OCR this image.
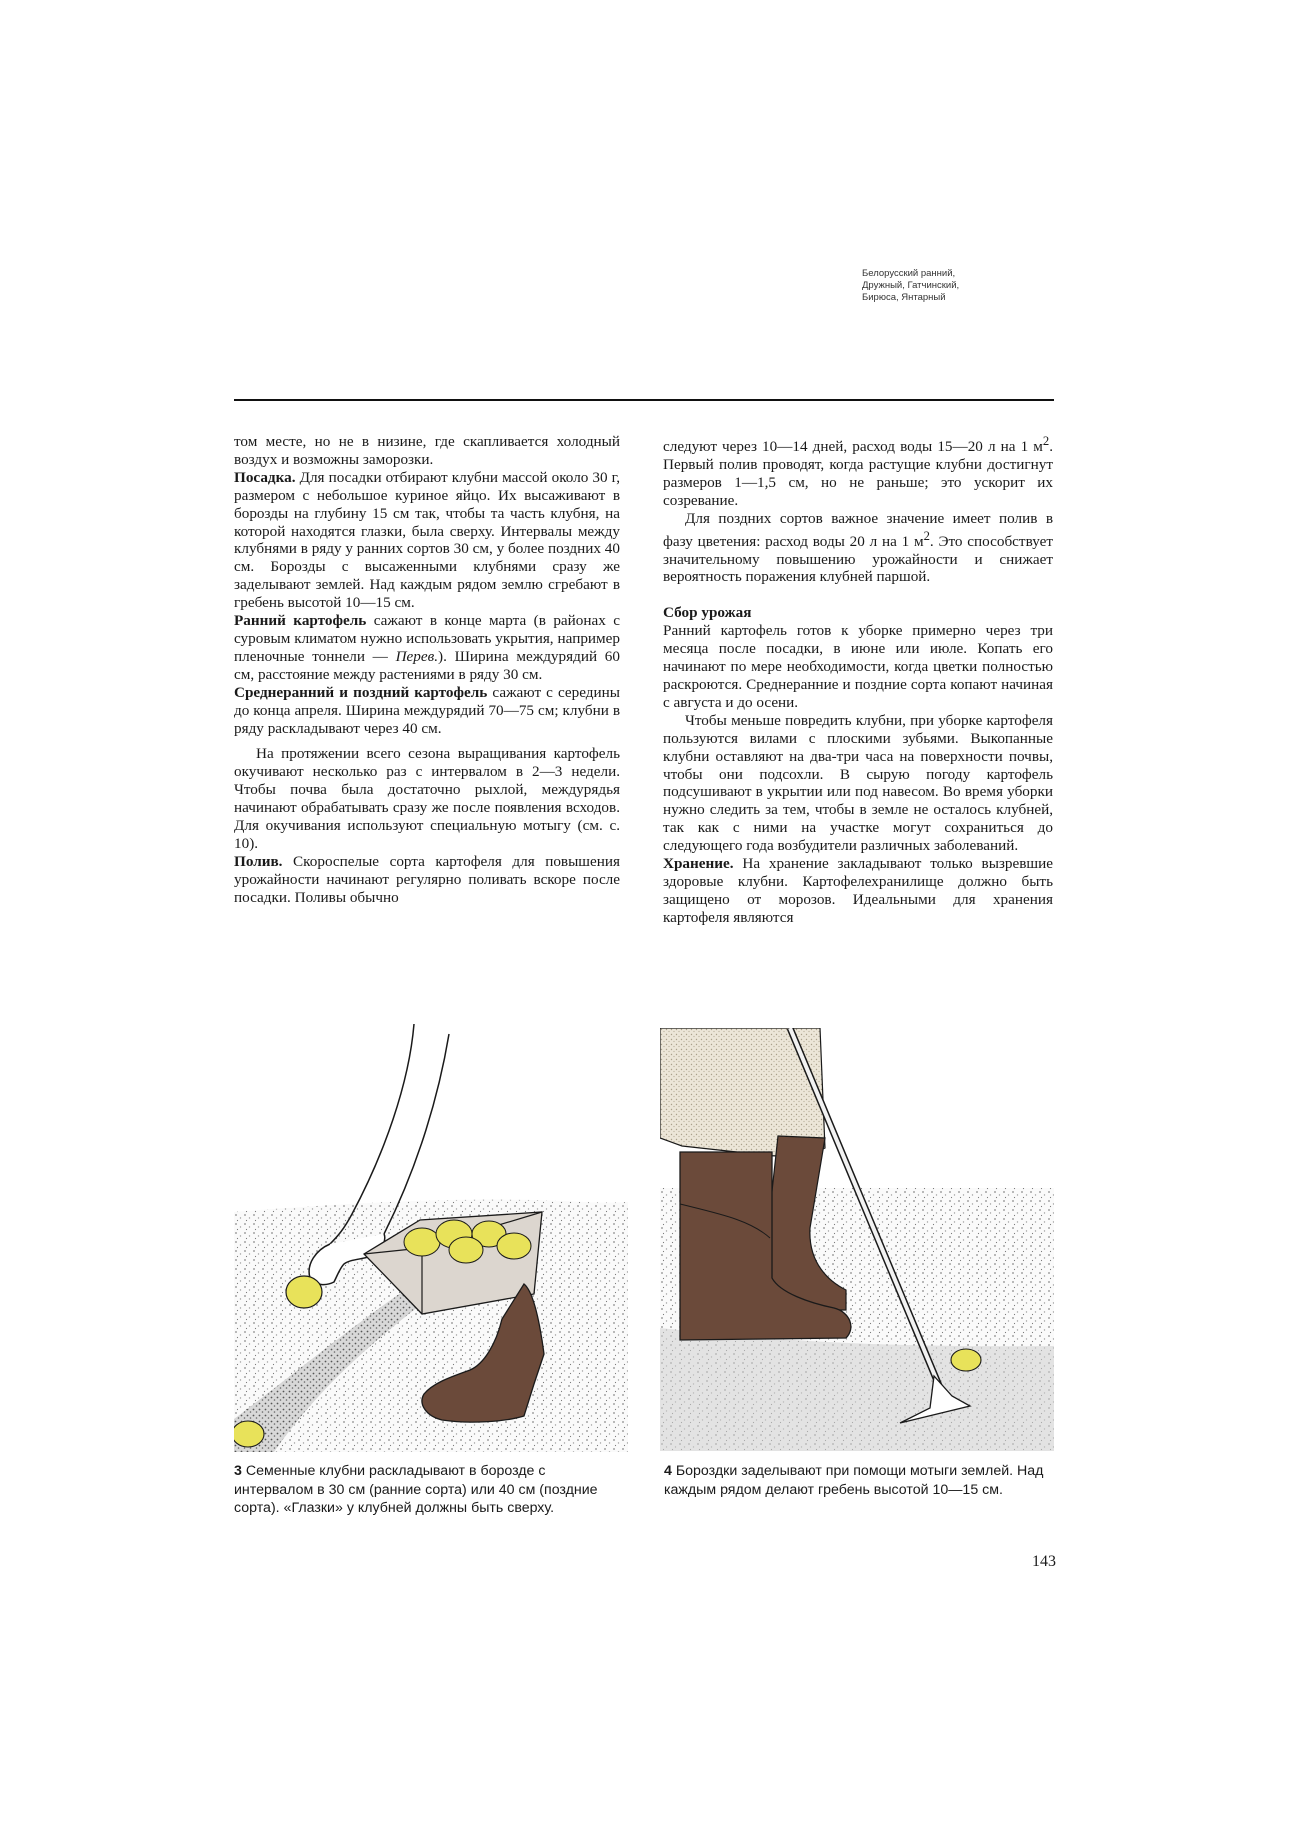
Белорусский ранний,
Дружный, Гатчинский,
Бирюса, Янтарный

том месте, но не в низине, где скапливается холодный воздух и возможны заморозки.

Посадка. Для посадки отбирают клубни массой около 30 г, размером с небольшое куриное яйцо. Их высаживают в борозды на глубину 15 см так, чтобы та часть клубня, на которой находятся глазки, была сверху. Интервалы между клубнями в ряду у ранних сортов 30 см, у более поздних 40 см. Борозды с высаженными клубнями сразу же заделывают землей. Над каждым рядом землю сгребают в гребень высотой 10—15 см.

Ранний картофель сажают в конце марта (в районах с суровым климатом нужно использовать укрытия, например пленочные тоннели — Перев.). Ширина междурядий 60 см, расстояние между растениями в ряду 30 см.

Среднеранний и поздний картофель сажают с середины до конца апреля. Ширина междурядий 70—75 см; клубни в ряду раскладывают через 40 см.

На протяжении всего сезона выращивания картофель окучивают несколько раз с интервалом в 2—3 недели. Чтобы почва была достаточно рыхлой, междурядья начинают обрабатывать сразу же после появления всходов. Для окучивания используют специальную мотыгу (см. с. 10).

Полив. Скороспелые сорта картофеля для повышения урожайности начинают регулярно поливать вскоре после посадки. Поливы обычно

следуют через 10—14 дней, расход воды 15—20 л на 1 $м^2$. Первый полив проводят, когда растущие клубни достигнут размеров 1—1,5 см, но не раньше; это ускорит их созревание.

Для поздних сортов важное значение имеет полив в фазу цветения: расход воды 20 л на 1 $м^2$. Это способствует значительному повышению урожайности и снижает вероятность поражения клубней паршой.

Сбор урожая

Ранний картофель готов к уборке примерно через три месяца после посадки, в июне или июле. Копать его начинают по мере необходимости, когда цветки полностью раскроются. Среднеранние и поздние сорта копают начиная с августа и до осени.

Чтобы меньше повредить клубни, при уборке картофеля пользуются вилами с плоскими зубьями. Выкопанные клубни оставляют на два-три часа на поверхности почвы, чтобы они подсохли. В сырую погоду картофель подсушивают в укрытии или под навесом. Во время уборки нужно следить за тем, чтобы в земле не осталось клубней, так как с ними на участке могут сохраниться до следующего года возбудители различных заболеваний.

Хранение. На хранение закладывают только вызревшие здоровые клубни. Картофелехранилище должно быть защищено от морозов. Идеальными для хранения картофеля являются

3 Семенные клубни раскладывают в борозде с интервалом в 30 см (ранние сорта) или 40 см (поздние сорта). «Глазки» у клубней должны быть сверху.
4 Бороздки заделывают при помощи мотыги землей. Над каждым рядом делают гребень высотой 10—15 см.
143
